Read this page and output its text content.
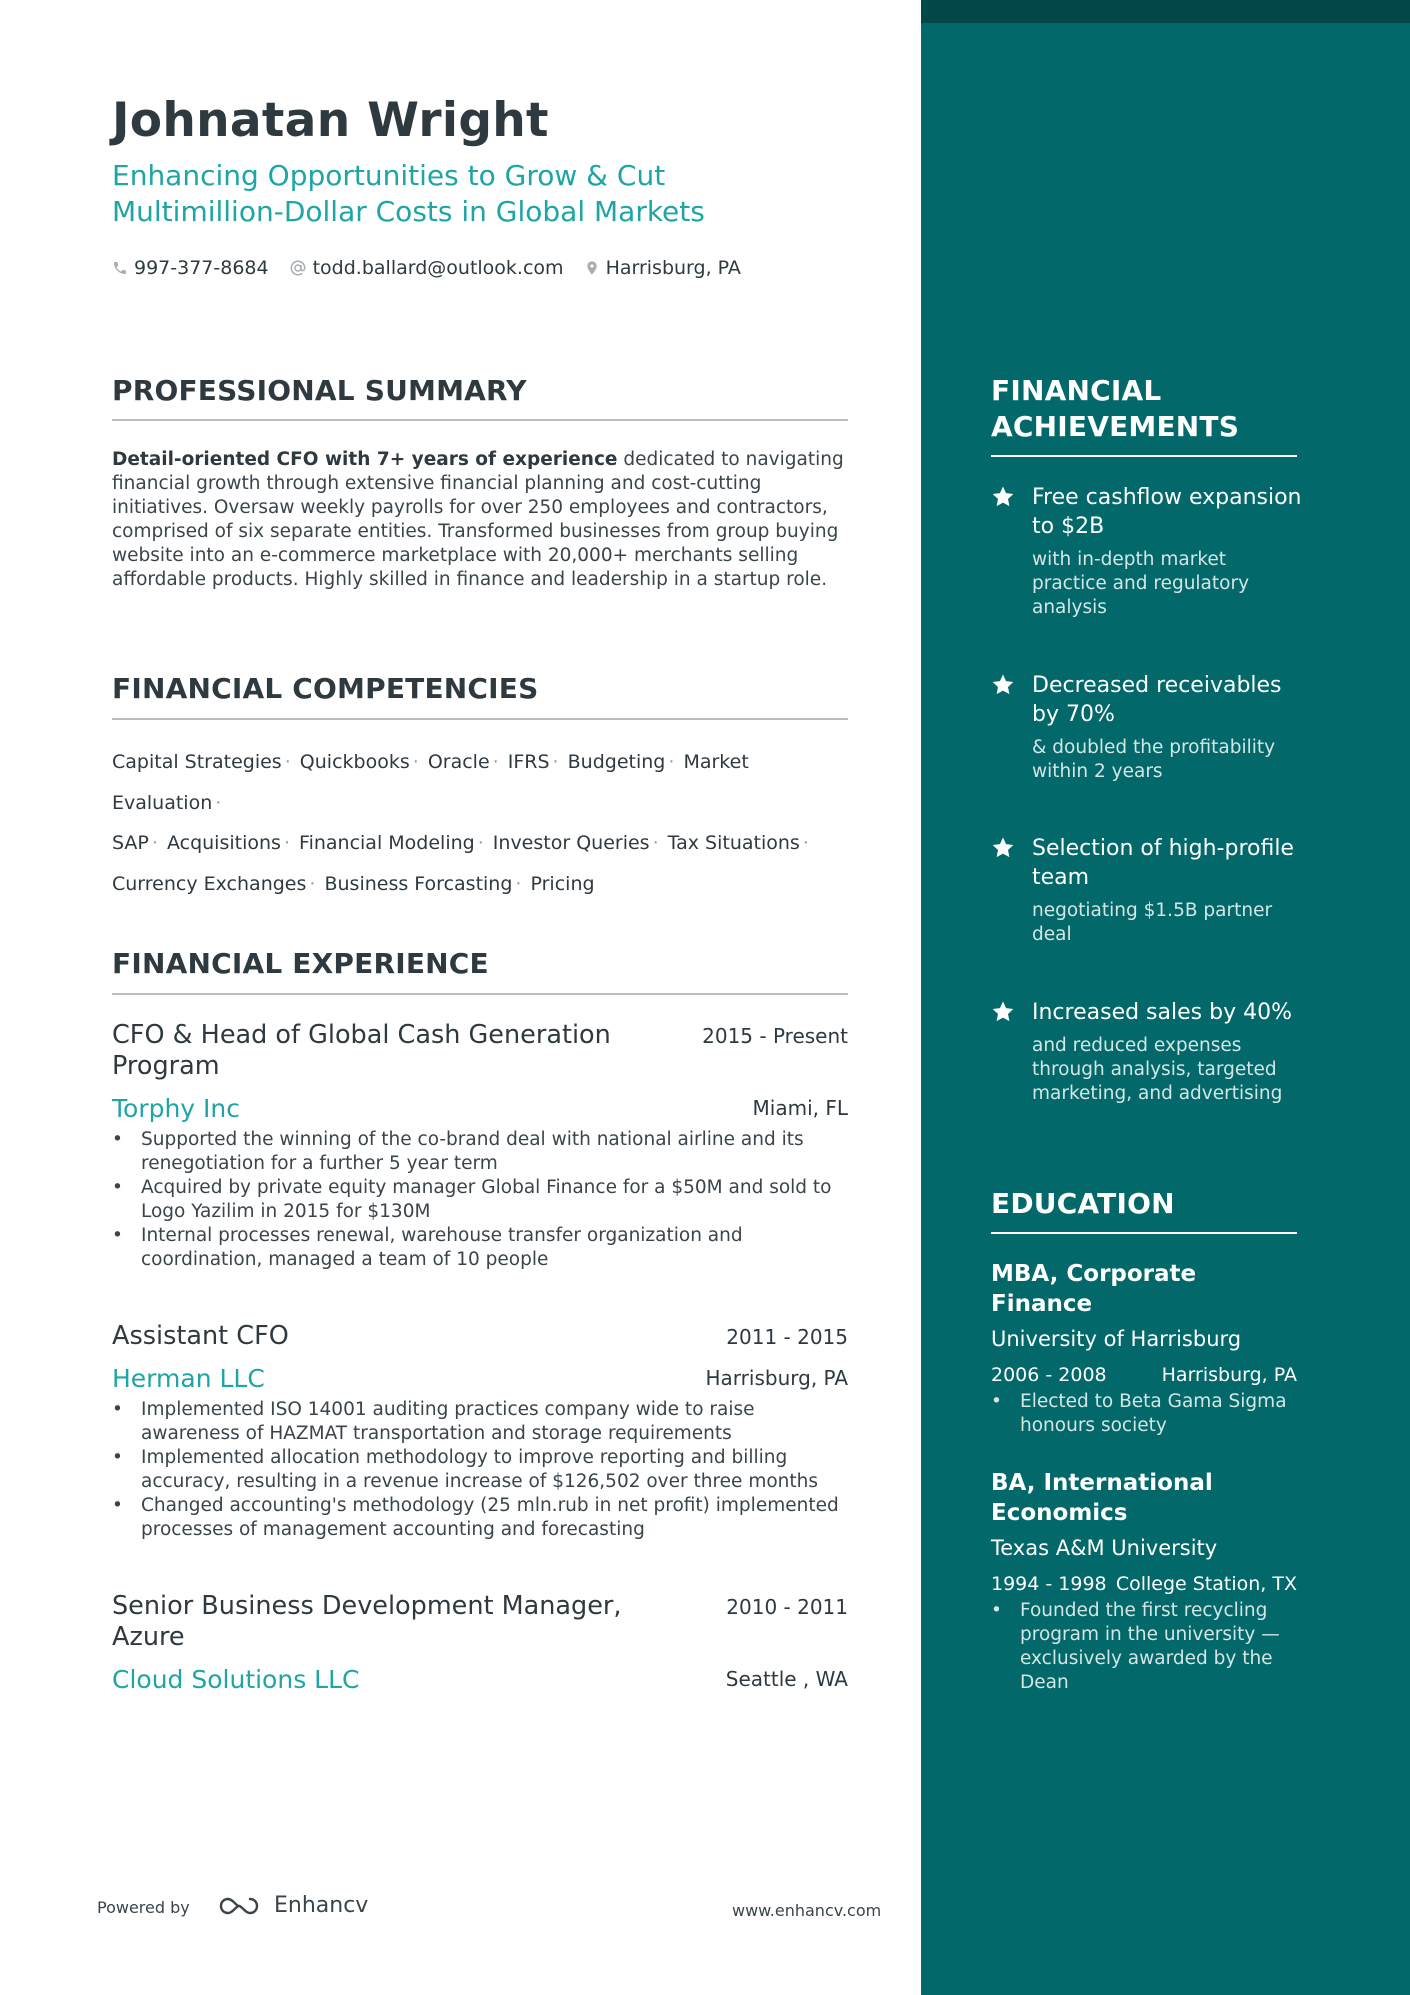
Johnatan Wright
Enhancing Opportunities to Grow & Cut
Multimillion-Dollar Costs in Global Markets
997-377-8684 todd.ballard@outlook.com Harrisburg, PA
PROFESSIONAL SUMMARY

Detail-oriented CFO with 7+ years of experience dedicated to navigating financial growth through extensive financial planning and cost-cutting initiatives. Oversaw weekly payrolls for over 250 employees and contractors, comprised of six separate entities. Transformed businesses from group buying website into an e-commerce marketplace with 20,000+ merchants selling affordable products. Highly skilled in finance and leadership in a startup role.

FINANCIAL COMPETENCIES
Capital Strategies · Quickbooks · Oracle · IFRS · Budgeting · Market Evaluation ·
SAP · Acquisitions · Financial Modeling · Investor Queries · Tax Situations ·
Currency Exchanges · Business Forcasting · Pricing
FINANCIAL EXPERIENCE
CFO & Head of Global Cash Generation Program
2015 - Present
Torphy Inc	Miami, FL
• Supported the winning of the co-brand deal with national airline and its renegotiation for a further 5 year term
• Acquired by private equity manager Global Finance for a $50M and sold to Logo Yazilim in 2015 for $130M
• Internal processes renewal, warehouse transfer organization and coordination, managed a team of 10 people
Assistant CFO	2011 - 2015
Herman LLC	Harrisburg, PA
• Implemented ISO 14001 auditing practices company wide to raise awareness of HAZMAT transportation and storage requirements
• Implemented allocation methodology to improve reporting and billing accuracy, resulting in a revenue increase of $126,502 over three months
• Changed accounting's methodology (25 mln.rub in net profit) implemented processes of management accounting and forecasting
Senior Business Development Manager, Azure
2010 - 2011
Cloud Solutions LLC	Seattle , WA
FINANCIAL
ACHIEVEMENTS
Free cashflow expansion to $2B
with in-depth market practice and regulatory analysis
Decreased receivables by 70%
& doubled the profitability within 2 years
Selection of high-profile team
negotiating $1.5B partner deal
Increased sales by 40%
and reduced expenses through analysis, targeted marketing, and advertising
EDUCATION
MBA, Corporate Finance
University of Harrisburg
2006 - 2008	Harrisburg, PA
• Elected to Beta Gama Sigma honours society
BA, International Economics
Texas A&M University
1994 - 1998 College Station, TX
• Founded the first recycling program in the university — exclusively awarded by the Dean
Powered by	Enhancv	www.enhancv.com
